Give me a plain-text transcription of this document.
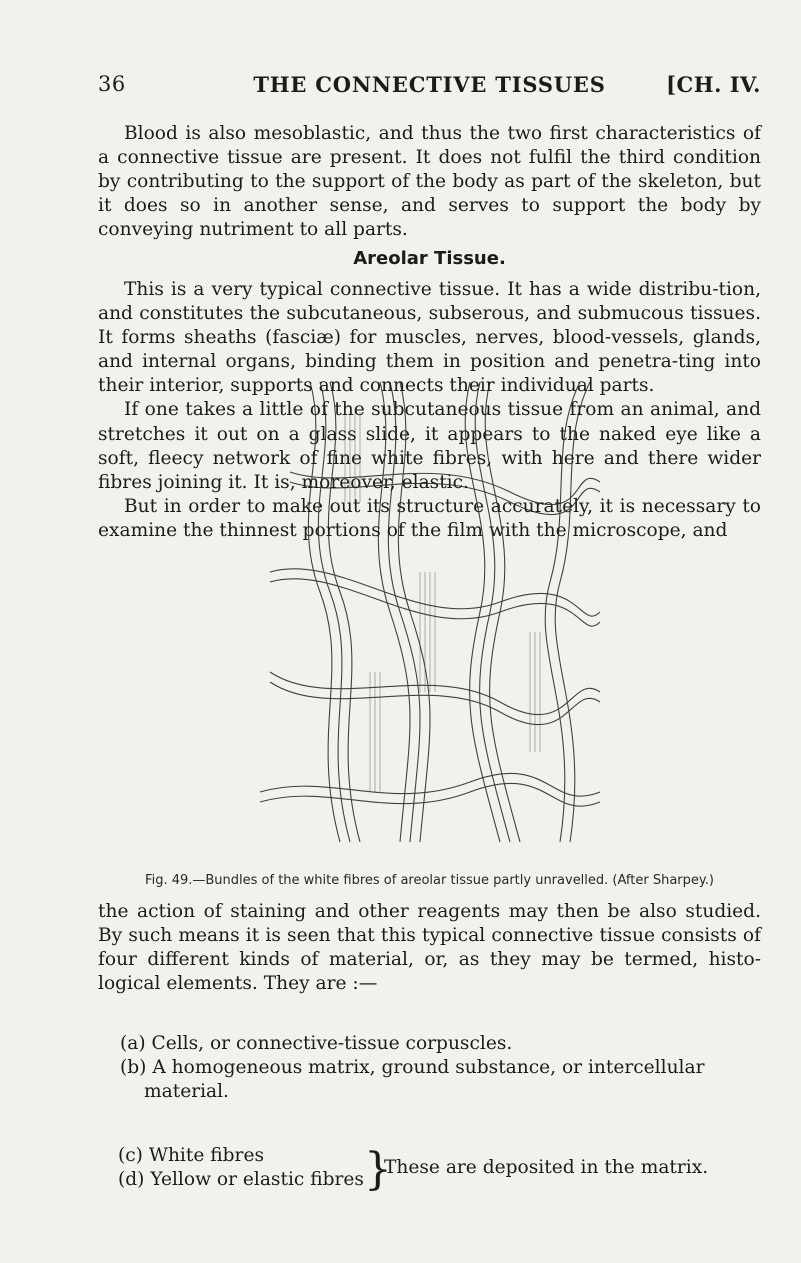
36	THE CONNECTIVE TISSUES	[CH. IV.

Blood is also mesoblastic, and thus the two first characteristics of a connective tissue are present. It does not fulfil the third condition by contributing to the support of the body as part of the skeleton, but it does so in another sense, and serves to support the body by conveying nutriment to all parts.

Areolar Tissue.

This is a very typical connective tissue. It has a wide distribu-tion, and constitutes the subcutaneous, subserous, and submucous tissues. It forms sheaths (fasciæ) for muscles, nerves, blood-vessels, glands, and internal organs, binding them in position and penetra-ting into their interior, supports and connects their individual parts.

If one takes a little of the subcutaneous tissue from an animal, and stretches it out on a glass slide, it appears to the naked eye like a soft, fleecy network of fine white fibres, with here and there wider fibres joining it. It is, moreover, elastic.

But in order to make out its structure accurately, it is necessary to examine the thinnest portions of the film with the microscope, and

Fig. 49.—Bundles of the white fibres of areolar tissue partly unravelled. (After Sharpey.)

the action of staining and other reagents may then be also studied. By such means it is seen that this typical connective tissue consists of four different kinds of material, or, as they may be termed, histo-logical elements. They are :—

(a) Cells, or connective-tissue corpuscles.
(b) A homogeneous matrix, ground substance, or intercellular
material.
(c) White fibres
(d) Yellow or elastic fibres }
These are deposited in the matrix.
